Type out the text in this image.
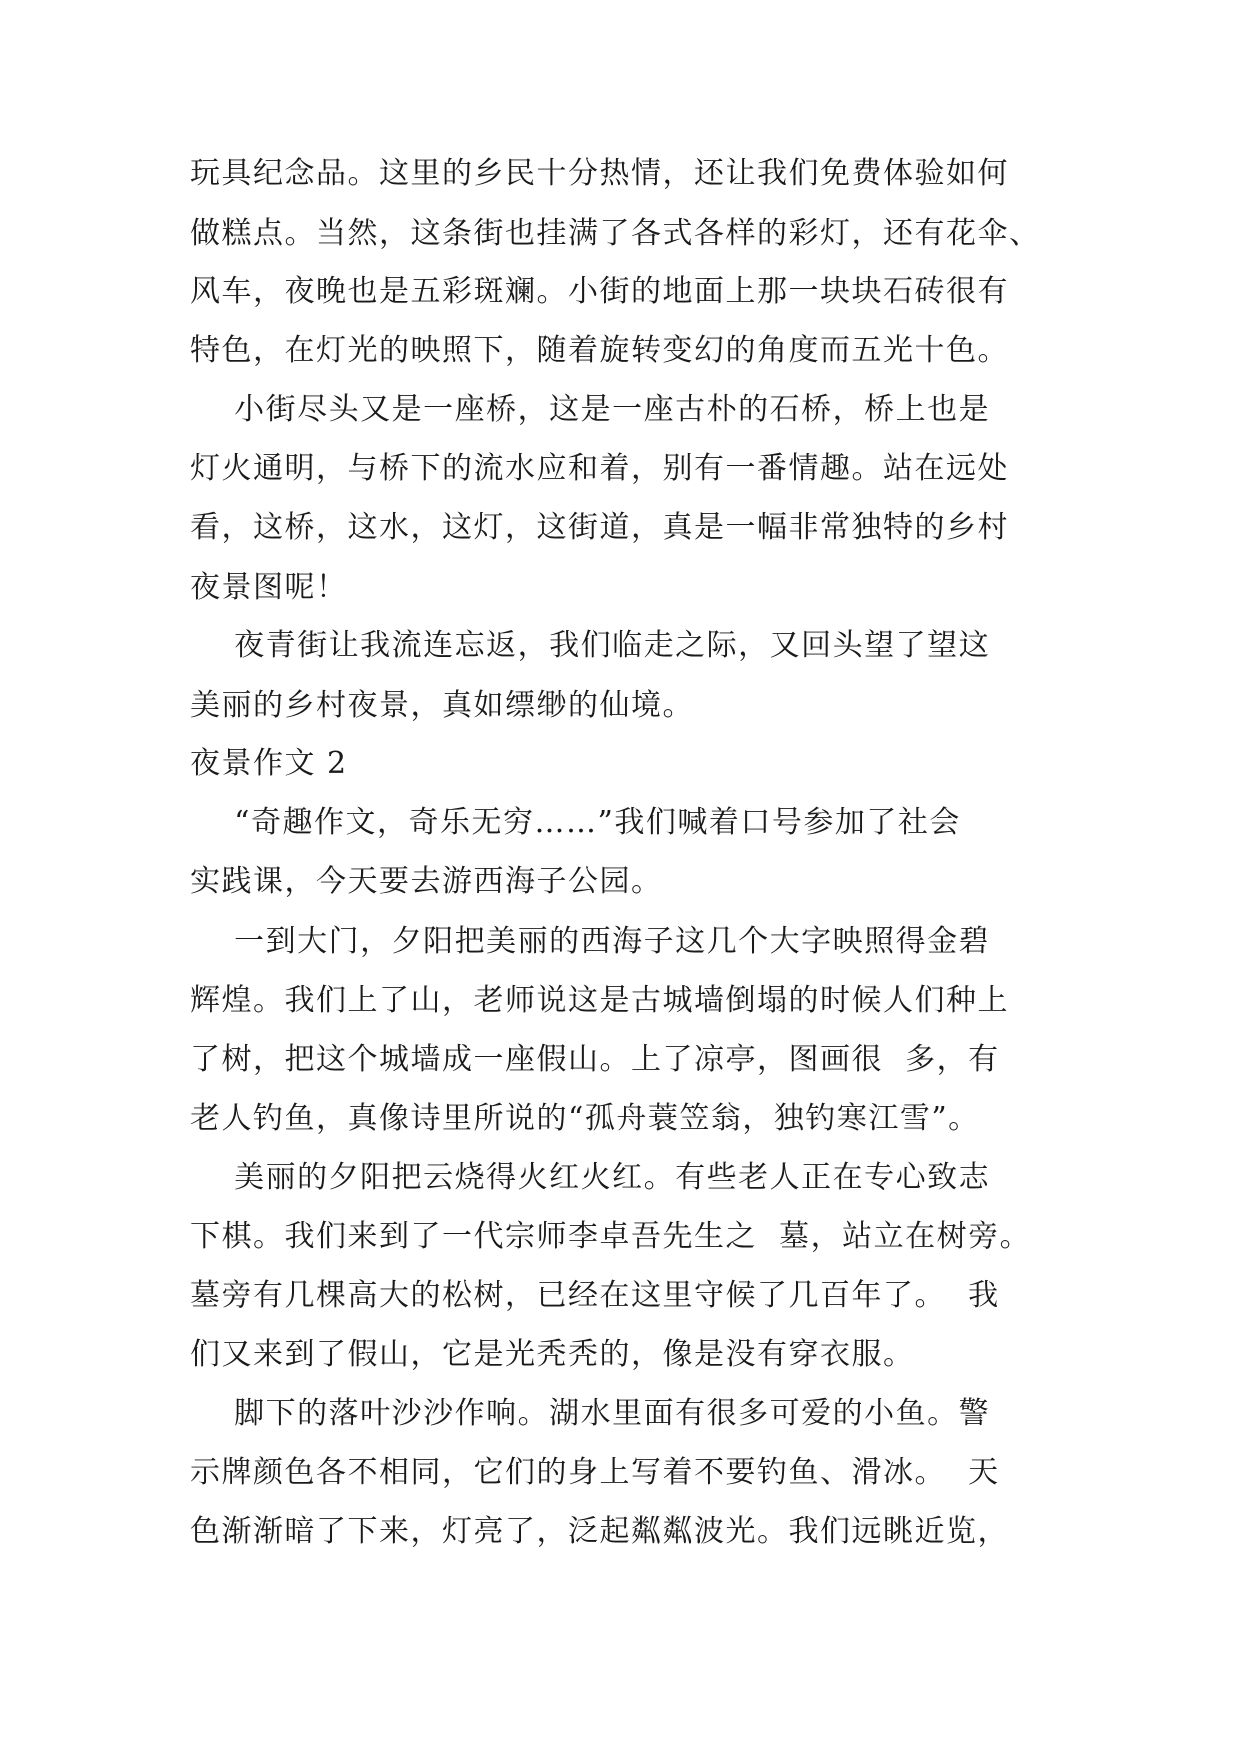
玩具纪念品。这里的乡民十分热情，还让我们免费体验如何
做糕点。当然，这条街也挂满了各式各样的彩灯，还有花伞、
风车，夜晚也是五彩斑斓。小街的地面上那一块块石砖很有
特色，在灯光的映照下，随着旋转变幻的角度而五光十色。
小街尽头又是一座桥，这是一座古朴的石桥，桥上也是
灯火通明，与桥下的流水应和着，别有一番情趣。站在远处
看，这桥，这水，这灯，这街道，真是一幅非常独特的乡村
夜景图呢！
夜青街让我流连忘返，我们临走之际，又回头望了望这
美丽的乡村夜景，真如缥缈的仙境。
夜景作文 2
“奇趣作文，奇乐无穷……”我们喊着口号参加了社会
实践课，今天要去游西海子公园。
一到大门，夕阳把美丽的西海子这几个大字映照得金碧
辉煌。我们上了山，老师说这是古城墙倒塌的时候人们种上
了树，把这个城墙成一座假山。上了凉亭，图画很  多，有
老人钓鱼，真像诗里所说的“孤舟蓑笠翁，独钓寒江雪”。
美丽的夕阳把云烧得火红火红。有些老人正在专心致志
下棋。我们来到了一代宗师李卓吾先生之  墓，站立在树旁。
墓旁有几棵高大的松树，已经在这里守候了几百年了。  我
们又来到了假山，它是光秃秃的，像是没有穿衣服。
脚下的落叶沙沙作响。湖水里面有很多可爱的小鱼。警
示牌颜色各不相同，它们的身上写着不要钓鱼、滑冰。  天
色渐渐暗了下来，灯亮了，泛起粼粼波光。我们远眺近览，
